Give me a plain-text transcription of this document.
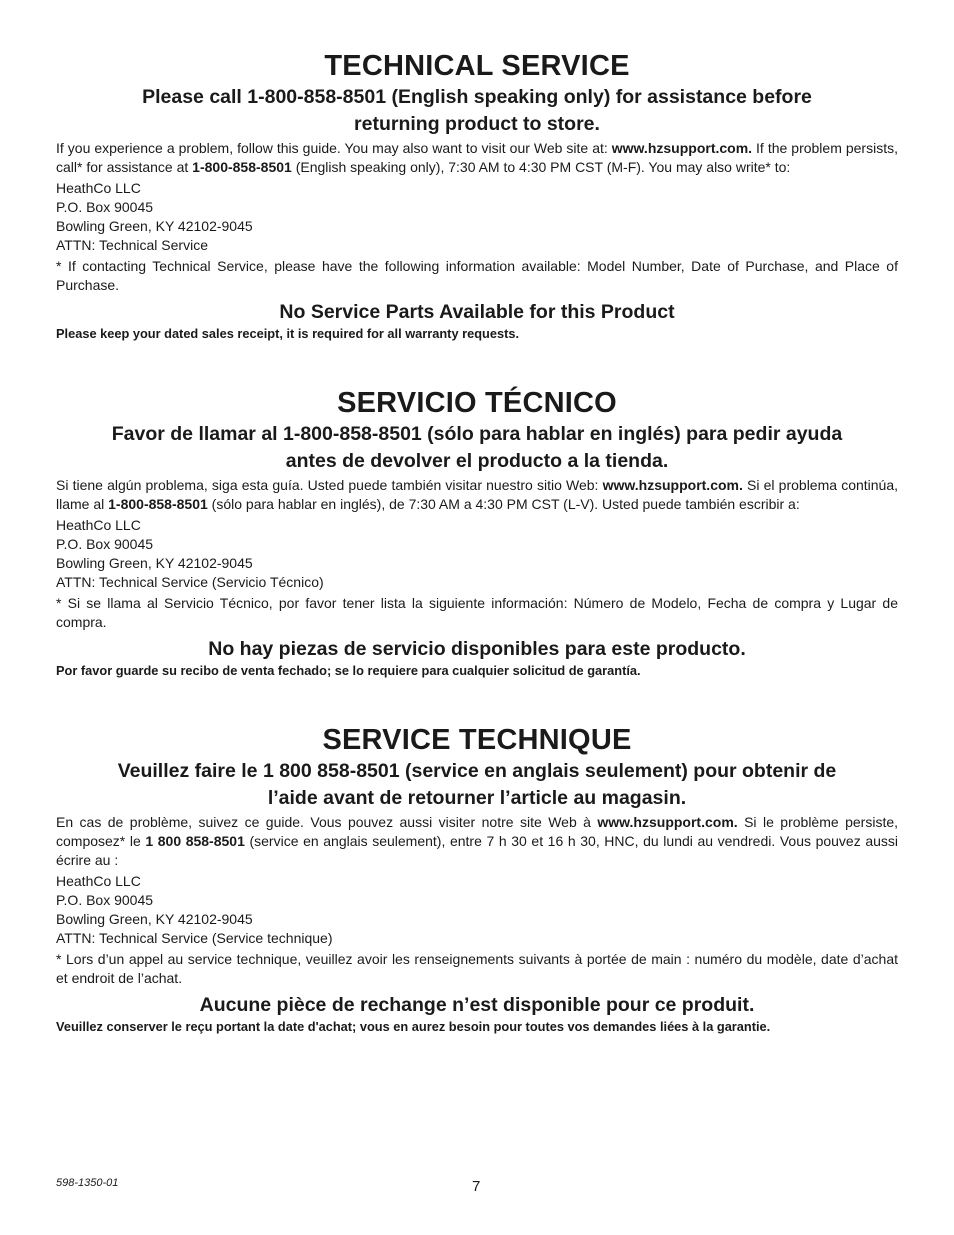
TECHNICAL SERVICE

Please call 1-800-858-8501 (English speaking only) for assistance before
returning product to store.

If you experience a problem, follow this guide. You may also want to visit our Web site at: www.hzsupport.com. If the problem persists, call* for assistance at 1-800-858-8501 (English speaking only), 7:30 AM to 4:30 PM CST (M-F). You may also write* to:

HeathCo LLC

P.O. Box 90045

Bowling Green, KY 42102-9045

ATTN: Technical Service

* If contacting Technical Service, please have the following information available: Model Number, Date of Purchase, and Place of Purchase.

No Service Parts Available for this Product

Please keep your dated sales receipt, it is required for all warranty requests.

SERVICIO TÉCNICO

Favor de llamar al 1-800-858-8501 (sólo para hablar en inglés) para pedir ayuda
antes de devolver el producto a la tienda.

Si tiene algún problema, siga esta guía. Usted puede también visitar nuestro sitio Web: www.hzsupport.com. Si el problema continúa, llame al 1-800-858-8501 (sólo para hablar en inglés), de 7:30 AM a 4:30 PM CST (L-V). Usted puede también escribir a:

HeathCo LLC

P.O. Box 90045

Bowling Green, KY 42102-9045

ATTN: Technical Service (Servicio Técnico)

* Si se llama al Servicio Técnico, por favor tener lista la siguiente información: Número de Modelo, Fecha de compra y Lugar de compra.

No hay piezas de servicio disponibles para este producto.

Por favor guarde su recibo de venta fechado; se lo requiere para cualquier solicitud de garantía.

SERVICE TECHNIQUE

Veuillez faire le 1 800 858-8501 (service en anglais seulement) pour obtenir de
l’aide avant de retourner l’article au magasin.

En cas de problème, suivez ce guide. Vous pouvez aussi visiter notre site Web à www.hzsupport.com. Si le problème persiste, composez* le 1 800 858-8501 (service en anglais seulement), entre 7 h 30 et 16 h 30, HNC, du lundi au vendredi. Vous pouvez aussi écrire au :

HeathCo LLC

P.O. Box 90045

Bowling Green, KY 42102-9045

ATTN: Technical Service (Service technique)

* Lors d’un appel au service technique, veuillez avoir les renseignements suivants à portée de main : numéro du modèle, date d’achat et endroit de l’achat.

Aucune pièce de rechange n’est disponible pour ce produit.

Veuillez conserver le reçu portant la date d'achat; vous en aurez besoin pour toutes vos demandes liées à la garantie.

598-1350-01	7
